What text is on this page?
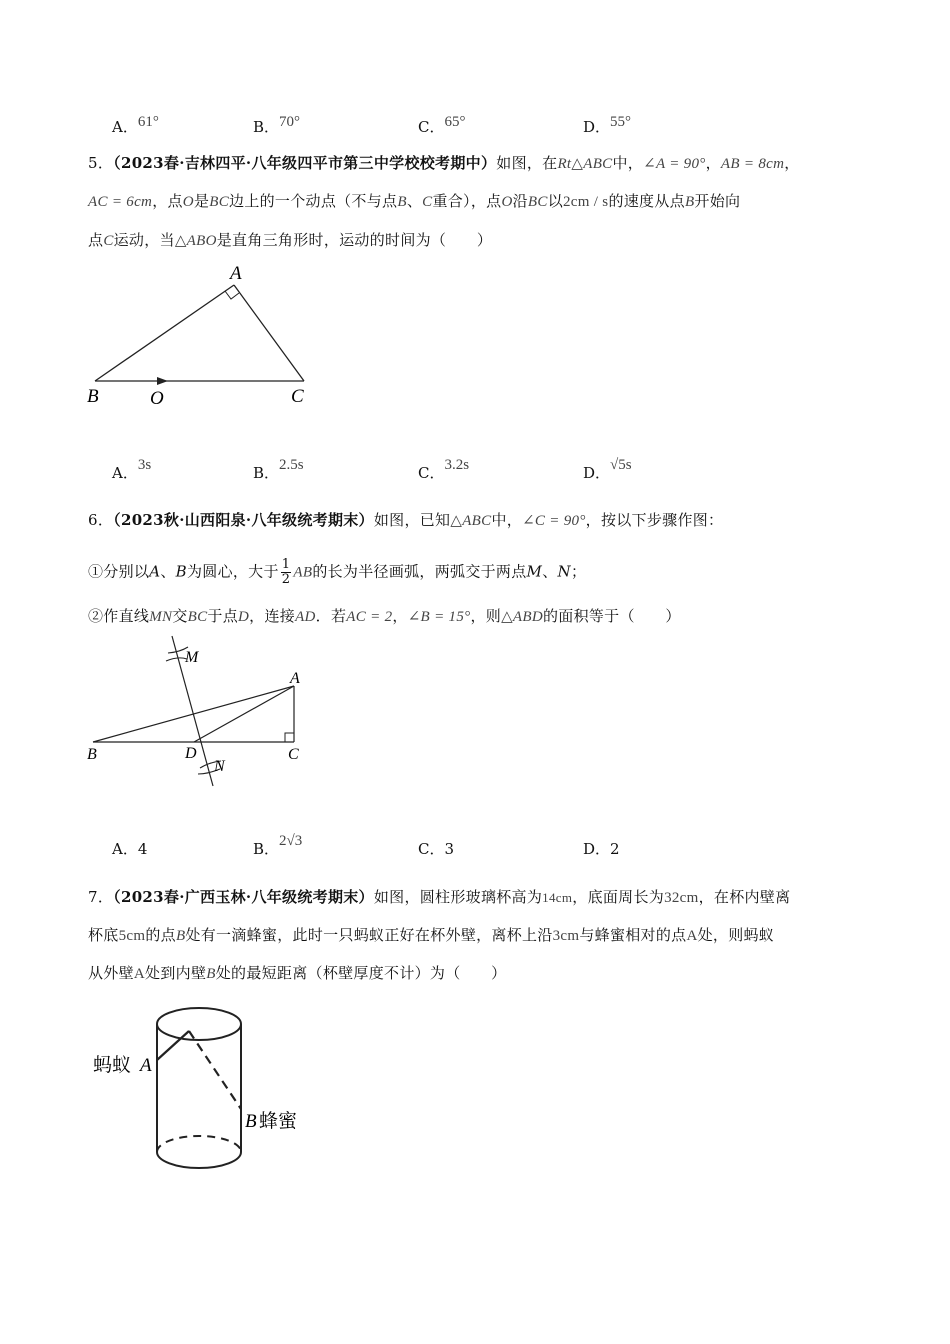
A．61°	B．70°	C．65°	D．55°
5．（2023春·吉林四平·八年级四平市第三中学校校考期中）如图，在Rt△ABC中，∠A = 90°，AB = 8cm，
AC = 6cm，点O是BC边上的一个动点（不与点B、C重合），点O沿BC以2cm / s的速度从点B开始向
点C运动，当△ABO是直角三角形时，运动的时间为（　　）
A
B	O	C
A．3s	B．2.5s	C．3.2s	D．√5s
6．（2023秋·山西阳泉·八年级统考期末）如图，已知△ABC中，∠C = 90°，按以下步骤作图：
①分别以A、B为圆心，大于 $\frac{1}{2}$ AB的长为半径画弧，两弧交于两点M、N；
②作直线MN交BC于点D，连接AD．若AC = 2，∠B = 15°，则△ABD的面积等于（　　）
M
A
B	D	C
N
A．4	B．2√3	C．3	D．2
7．（2023春·广西玉林·八年级统考期末）如图，圆柱形玻璃杯高为14cm，底面周长为32cm，在杯内壁离
杯底5cm的点B处有一滴蜂蜜，此时一只蚂蚁正好在杯外壁，离杯上沿3cm与蜂蜜相对的点A处，则蚂蚁
从外壁A处到内壁B处的最短距离（杯壁厚度不计）为（　　）
蚂蚁 A
B 蜂蜜
